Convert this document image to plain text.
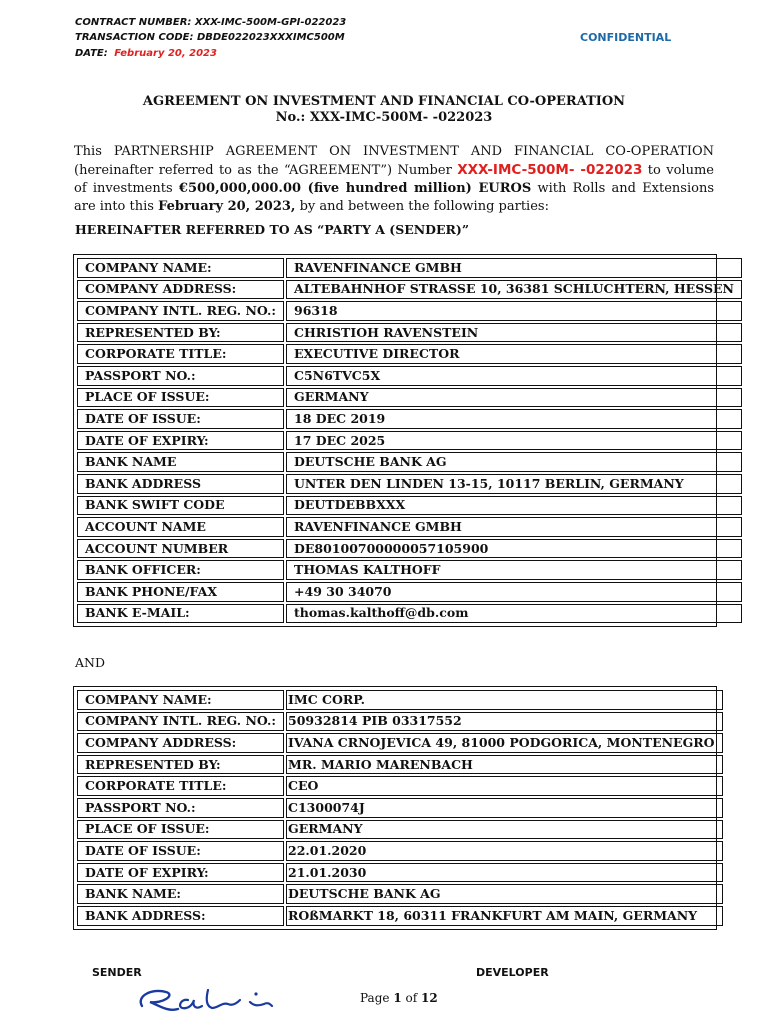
CONTRACT NUMBER: XXX-IMC-500M-GPI-022023
TRANSACTION CODE: DBDE022023XXXIMC500M
DATE: February 20, 2023
CONFIDENTIAL
AGREEMENT ON INVESTMENT AND FINANCIAL CO-OPERATION
No.: XXX-IMC-500M- -022023
This PARTNERSHIP AGREEMENT ON INVESTMENT AND FINANCIAL CO-OPERATION (hereinafter referred to as the “AGREEMENT”) Number XXX-IMC-500M- -022023 to volume of investments €500,000,000.00 (five hundred million) EUROS with Rolls and Extensions are into this February 20, 2023, by and between the following parties:
HEREINAFTER REFERRED TO AS “PARTY A (SENDER)”
COMPANY NAME:	RAVENFINANCE GMBH
COMPANY ADDRESS:	ALTEBAHNHOF STRASSE 10, 36381 SCHLUCHTERN, HESSEN
COMPANY INTL. REG. NO.:	96318
REPRESENTED BY:	CHRISTIOH RAVENSTEIN
CORPORATE TITLE:	EXECUTIVE DIRECTOR
PASSPORT NO.:	C5N6TVC5X
PLACE OF ISSUE:	GERMANY
DATE OF ISSUE:	18 DEC 2019
DATE OF EXPIRY:	17 DEC 2025
BANK NAME	DEUTSCHE BANK AG
BANK ADDRESS	UNTER DEN LINDEN 13-15, 10117 BERLIN, GERMANY
BANK SWIFT CODE	DEUTDEBBXXX
ACCOUNT NAME	RAVENFINANCE GMBH
ACCOUNT NUMBER	DE80100700000057105900
BANK OFFICER:	THOMAS KALTHOFF
BANK PHONE/FAX	+49 30 34070
BANK E-MAIL:	thomas.kalthoff@db.com
AND
COMPANY NAME:	IMC CORP.
COMPANY INTL. REG. NO.:	50932814 PIB 03317552
COMPANY ADDRESS:	IVANA CRNOJEVICA 49, 81000 PODGORICA, MONTENEGRO
REPRESENTED BY:	MR. MARIO MARENBACH
CORPORATE TITLE:	CEO
PASSPORT NO.:	C1300074J
PLACE OF ISSUE:	GERMANY
DATE OF ISSUE:	22.01.2020
DATE OF EXPIRY:	21.01.2030
BANK NAME:	DEUTSCHE BANK AG
BANK ADDRESS:	ROßMARKT 18, 60311 FRANKFURT AM MAIN, GERMANY
SENDER	DEVELOPER
Page 1 of 12
